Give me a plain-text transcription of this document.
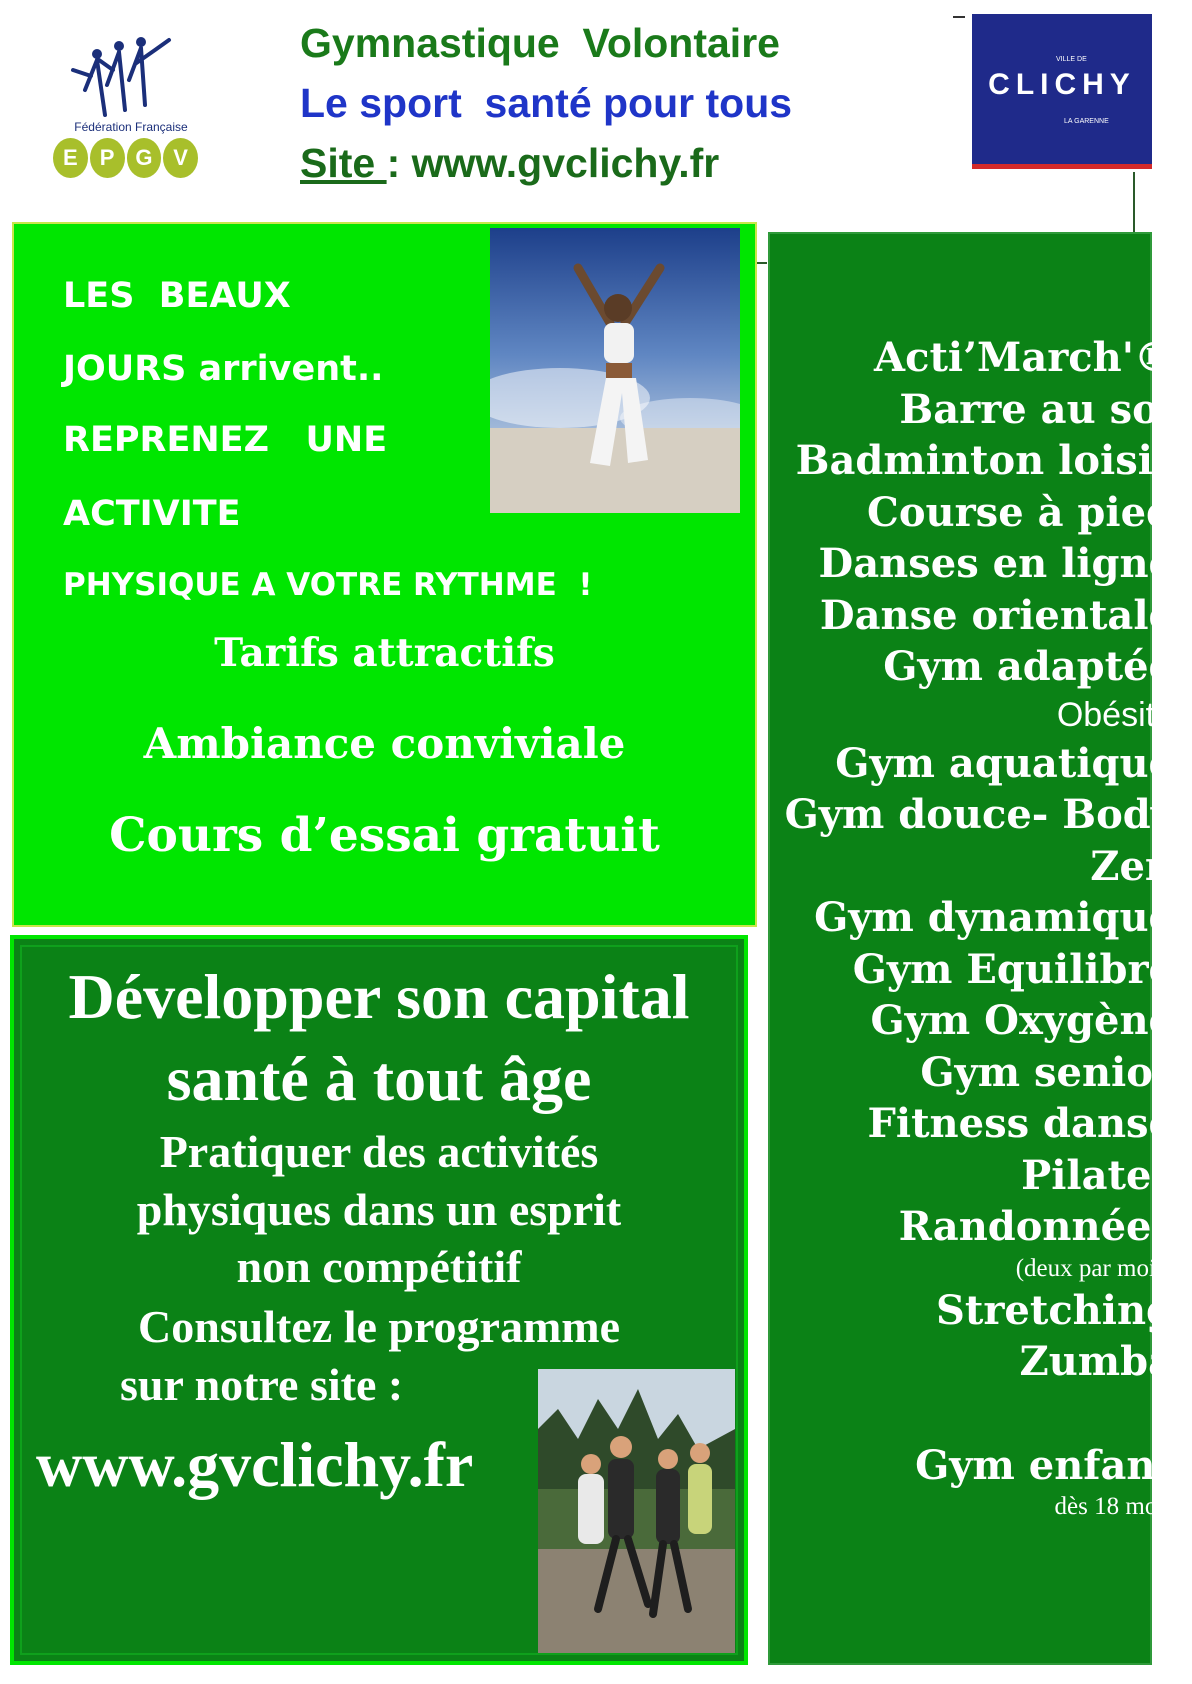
Fédération Française
E	P G V
Gymnastique  Volontaire
Le sport  santé pour tous
Site : www.gvclichy.fr
VILLE DE
CLICHY
LA GARENNE
LES  BEAUX
JOURS arrivent..
REPRENEZ   UNE
ACTIVITE
PHYSIQUE A VOTRE RYTHME  !
Tarifs attractifs
Ambiance conviviale
Cours d’essai gratuit
Développer son capital
santé à tout âge
Pratiquer des activités
physiques dans un esprit
non compétitif
Consultez le programme
sur notre site :
www.gvclichy.fr
Acti’March'®
Barre au sol
Badminton loisir
Course à pied
Danses en ligne
Danse orientale
Gym adaptée
Obésité
Gym aquatique
Gym douce- Body
Zen
Gym dynamique
Gym Equilibre
Gym Oxygène
Gym senior
Fitness danse
Pilates
Randonnées
(deux par mois)
Stretching
Zumba
Gym enfant
dès 18 mois
